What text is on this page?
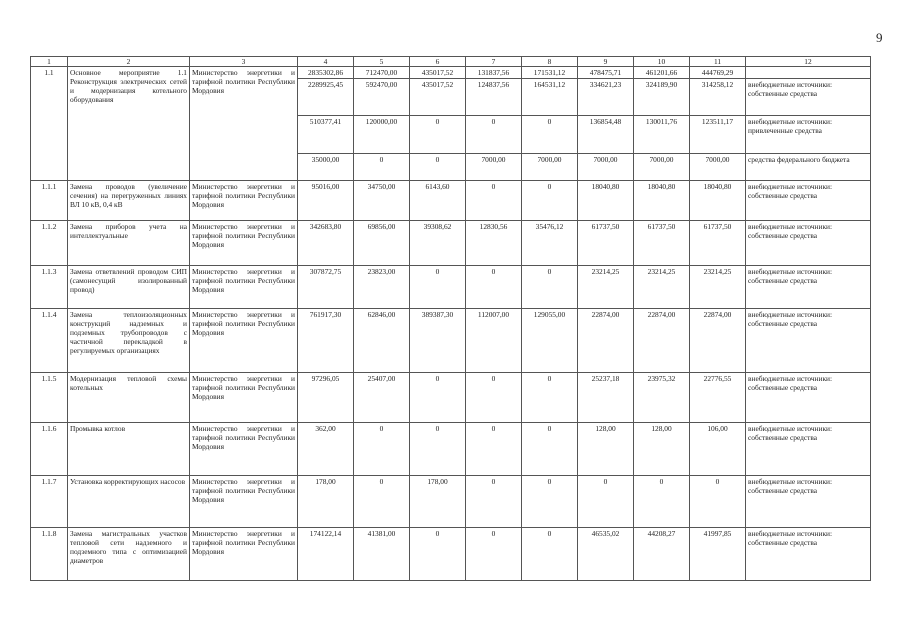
9
1	2	3	4	5	6	7	8	9	10	11	12
1.1	Основное мероприятие 1.1 Реконструкция электрических сетей и модернизация котельного оборудования	Министерство энергетики и тарифной политики Республики Мордовия	2835302,86	712470,00	435017,52	131837,56	171531,12	478475,71	461201,66	444769,29	
			2289925,45	592470,00	435017,52	124837,56	164531,12	334621,23	324189,90	314258,12	внебюджетные источники: собственные средства
			510377,41	120000,00	0	0	0	136854,48	130011,76	123511,17	внебюджетные источники: привлеченные средства
			35000,00	0	0	7000,00	7000,00	7000,00	7000,00	7000,00	средства федерального бюджета
1.1.1	Замена проводов (увеличение сечения) на перегруженных линиях ВЛ 10 кВ, 0,4 кВ	Министерство энергетики и тарифной политики Республики Мордовия	95016,00	34750,00	6143,60	0	0	18040,80	18040,80	18040,80	внебюджетные источники: собственные средства
1.1.2	Замена приборов учета на интеллектуальные	Министерство энергетики и тарифной политики Республики Мордовия	342683,80	69856,00	39308,62	12830,56	35476,12	61737,50	61737,50	61737,50	внебюджетные источники: собственные средства
1.1.3	Замена ответвлений проводом СИП (самонесущий изолированный провод)	Министерство энергетики и тарифной политики Республики Мордовия	307872,75	23823,00	0	0	0	23214,25	23214,25	23214,25	внебюджетные источники: собственные средства
1.1.4	Замена теплоизоляционных конструкций надземных и подземных трубопроводов с частичной перекладкой в регулируемых организациях	Министерство энергетики и тарифной политики Республики Мордовия	761917,30	62846,00	389387,30	112007,00	129055,00	22874,00	22874,00	22874,00	внебюджетные источники: собственные средства
1.1.5	Модернизация тепловой схемы котельных	Министерство энергетики и тарифной политики Республики Мордовия	97296,05	25407,00	0	0	0	25237,18	23975,32	22776,55	внебюджетные источники: собственные средства
1.1.6	Промывка котлов	Министерство энергетики и тарифной политики Республики Мордовия	362,00	0	0	0	0	128,00	128,00	106,00	внебюджетные источники: собственные средства
1.1.7	Установка корректирующих насосов	Министерство энергетики и тарифной политики Республики Мордовия	178,00	0	178,00	0	0	0	0	0	внебюджетные источники: собственные средства
1.1.8	Замена магистральных участков тепловой сети надземного и подземного типа с оптимизацией диаметров	Министерство энергетики и тарифной политики Республики Мордовия	174122,14	41381,00	0	0	0	46535,02	44208,27	41997,85	внебюджетные источники: собственные средства
